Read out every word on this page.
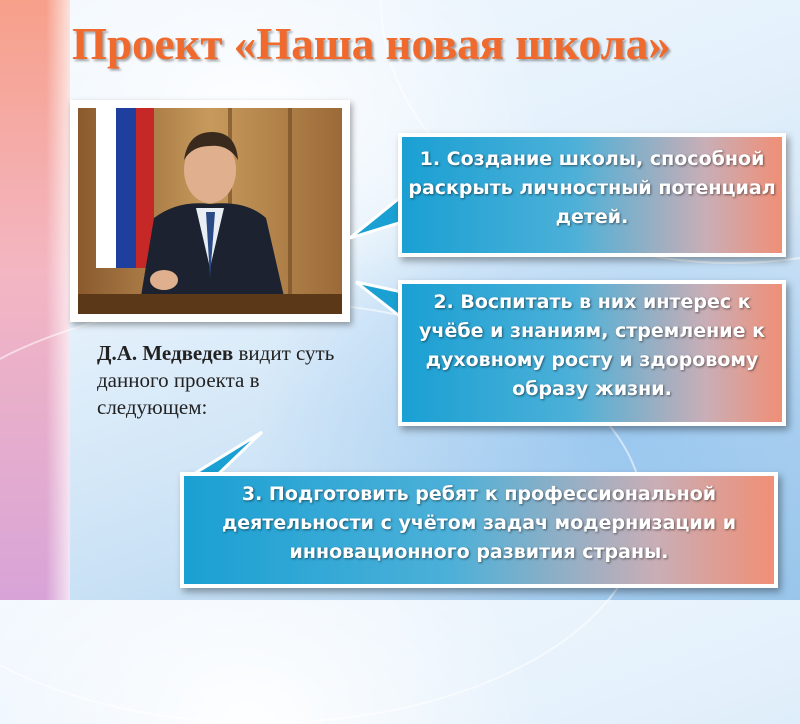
Проект «Наша новая школа»
Д.А. Медведев видит суть данного проекта в следующем:
1. Создание школы, способной раскрыть личностный потенциал детей.
2. Воспитать в них интерес к учёбе и знаниям, стремление к духовному росту и здоровому образу жизни.
3. Подготовить ребят к профессиональной деятельности с учётом задач модернизации и инновационного развития страны.
